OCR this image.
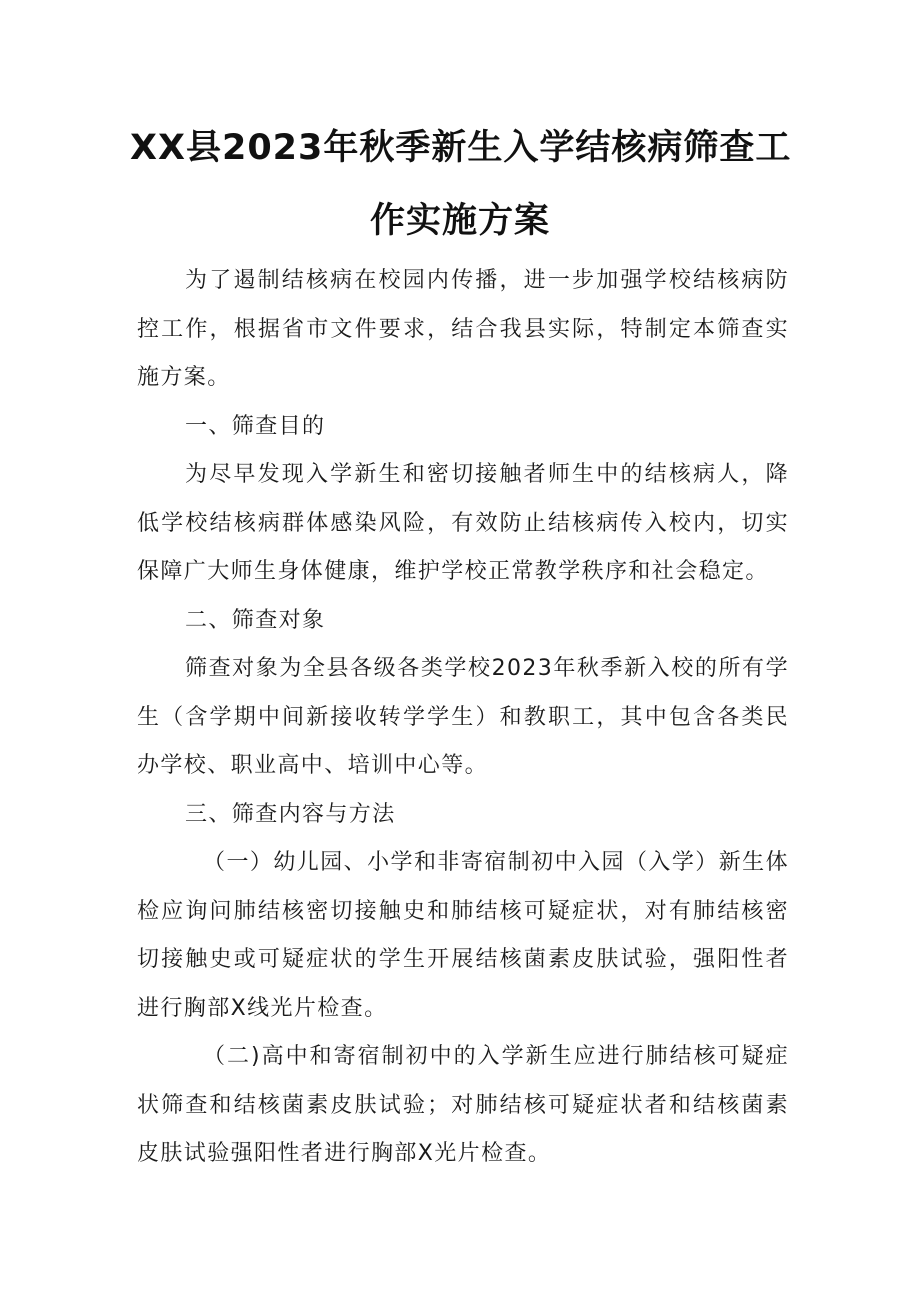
XX县2023年秋季新生入学结核病筛查工
作实施方案

为了遏制结核病在校园内传播，进一步加强学校结核病防控工作，根据省市文件要求，结合我县实际，特制定本筛查实施方案。

一、筛查目的

为尽早发现入学新生和密切接触者师生中的结核病人，降低学校结核病群体感染风险，有效防止结核病传入校内，切实保障广大师生身体健康，维护学校正常教学秩序和社会稳定。

二、筛查对象

筛查对象为全县各级各类学校2023年秋季新入校的所有学生（含学期中间新接收转学学生）和教职工，其中包含各类民办学校、职业高中、培训中心等。

三、筛查内容与方法

（一）幼儿园、小学和非寄宿制初中入园（入学）新生体检应询问肺结核密切接触史和肺结核可疑症状，对有肺结核密切接触史或可疑症状的学生开展结核菌素皮肤试验，强阳性者进行胸部X线光片检查。

（二)高中和寄宿制初中的入学新生应进行肺结核可疑症状筛查和结核菌素皮肤试验；对肺结核可疑症状者和结核菌素皮肤试验强阳性者进行胸部X光片检查。
